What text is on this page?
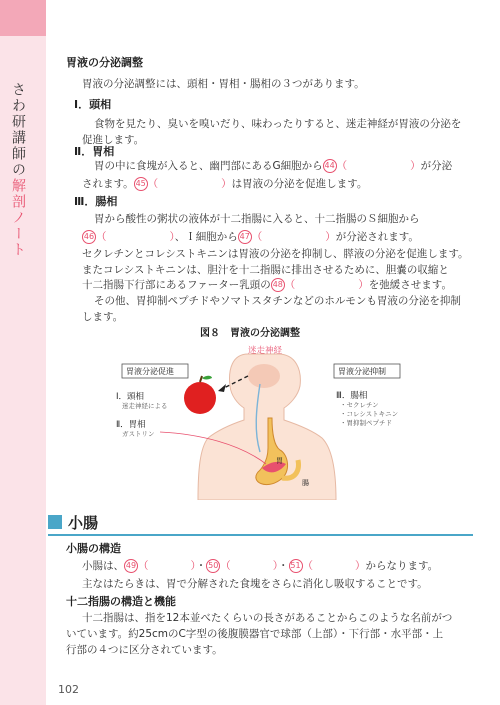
さわ研講師の解剖ノート
胃液の分泌調整
胃液の分泌調整には、頭相・胃相・腸相の３つがあります。
Ⅰ．頭相
食物を見たり、臭いを嗅いだり、味わったりすると、迷走神経が胃液の分泌を
促進します。
Ⅱ．胃相
胃の中に食塊が入ると、幽門部にあるG細胞から 44 （　　　　　　）が分泌
されます。 45 （　　　　　　）は胃液の分泌を促進します。
Ⅲ．腸相
胃から酸性の粥状の液体が十二指腸に入ると、十二指腸のＳ細胞から
46 （　　　　　　）、Ｉ細胞から 47 （　　　　　　）が分泌されます。
セクレチンとコレシストキニンは胃液の分泌を抑制し、膵液の分泌を促進します。
またコレシストキニンは、胆汁を十二指腸に排出させるために、胆嚢の収縮と
十二指腸下行部にあるファーター乳頭の 48 （　　　　　　）を弛緩させます。
その他、胃抑制ペプチドやソマトスタチンなどのホルモンも胃液の分泌を抑制
します。
図８　胃液の分泌調整
迷走神経
胃液分泌促進	胃液分泌抑制
Ⅰ．頭相
迷走神経による
Ⅱ．胃相
ガストリン
Ⅲ．腸相
・セクレチン
・コレシストキニン
・胃抑制ペプチド
胃
腸
小腸
小腸の構造
小腸は、 49 （　　　　）・ 50 （　　　　）・ 51 （　　　　）からなります。
主なはたらきは、胃で分解された食塊をさらに消化し吸収することです。
十二指腸の構造と機能
十二指腸は、指を12本並べたくらいの長さがあることからこのような名前がつ
いています。約25cmのC字型の後腹膜器官で球部（上部）・下行部・水平部・上
行部の４つに区分されています。
102
